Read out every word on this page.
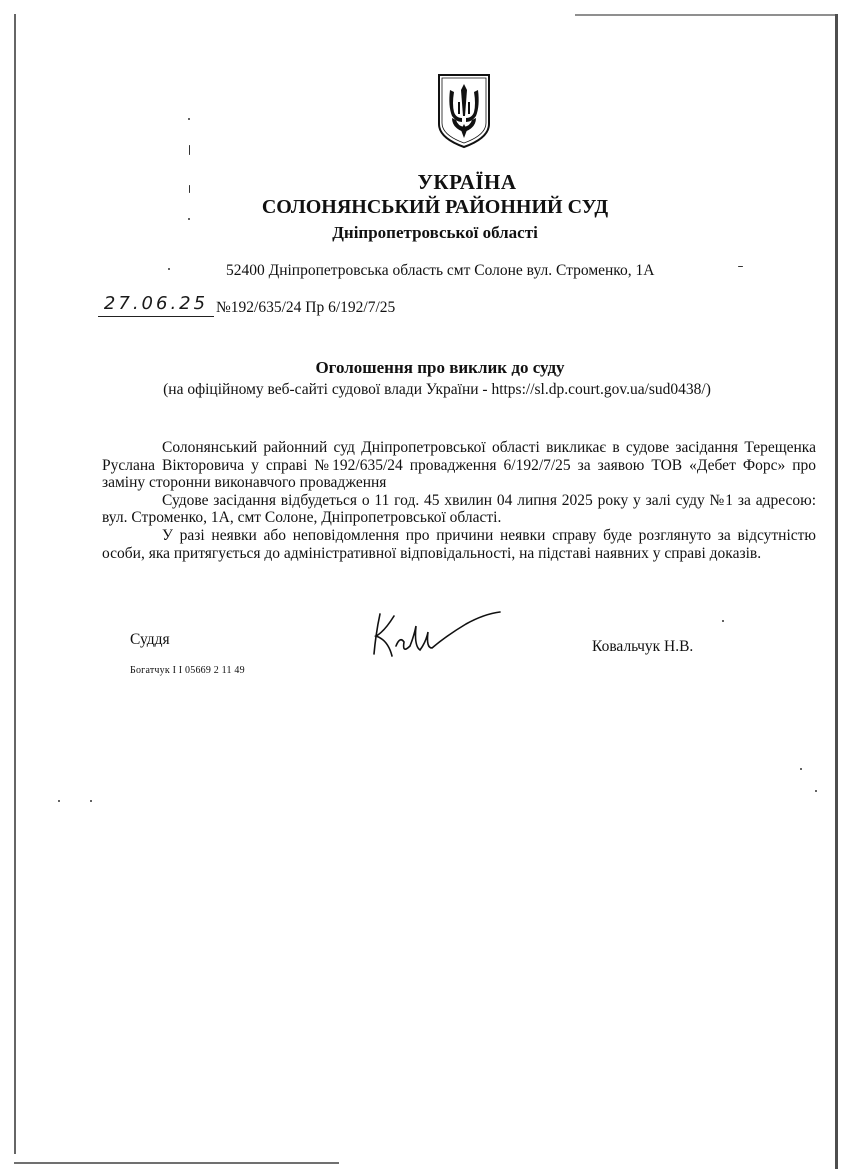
УКРАЇНА
СОЛОНЯНСЬКИЙ РАЙОННИЙ СУД
Дніпропетровської області
52400 Дніпропетровська область смт Солоне вул. Строменко, 1А
27.06.25 №192/635/24 Пр 6/192/7/25
Оголошення про виклик до суду
(на офіційному веб-сайті судової влади України - https://sl.dp.court.gov.ua/sud0438/)

Солонянський районний суд Дніпропетровської області викликає в судове засідання Терещенка Руслана Вікторовича у справі №192/635/24 провадження 6/192/7/25 за заявою ТОВ «Дебет Форс» про заміну сторонни виконавчого провадження

Судове засідання відбудеться о 11 год. 45 хвилин 04 липня 2025 року у залі суду №1 за адресою: вул. Строменко, 1А, смт Солоне, Дніпропетровської області.

У разі неявки або неповідомлення про причини неявки справу буде розглянуто за відсутністю особи, яка притягується до адміністративної відповідальності, на підставі наявних у справі доказів.

Суддя	Ковальчук Н.В.
Богатчук І І 05669 2 11 49
